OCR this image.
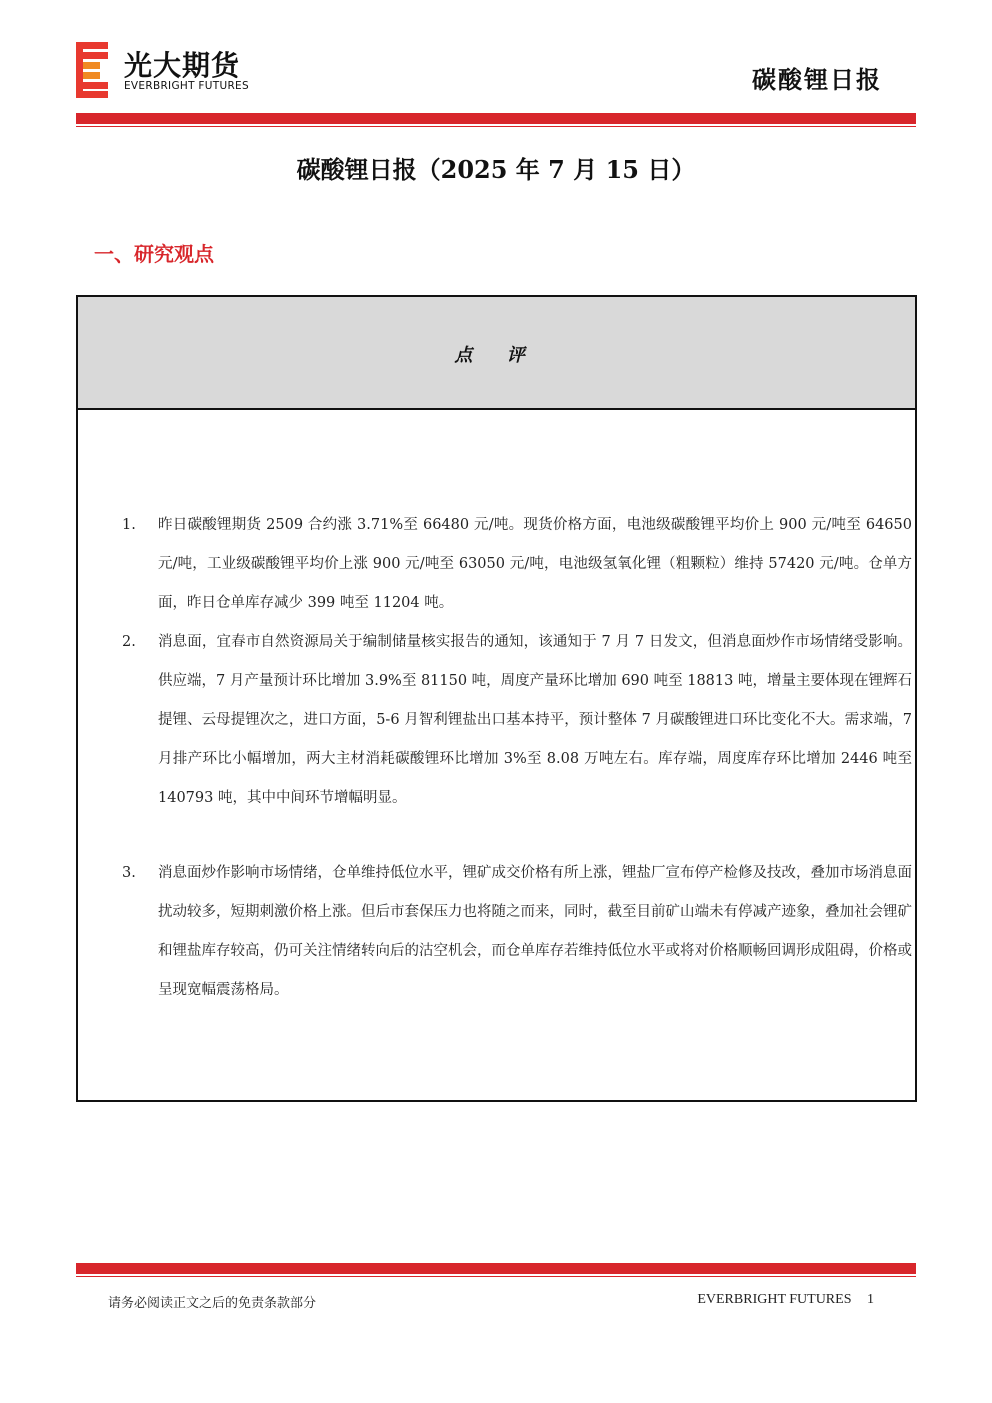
光大期货
EVERBRIGHT FUTURES	碳酸锂日报
碳酸锂日报（2025 年 7 月 15 日）
一、研究观点
点 评
1. 昨日碳酸锂期货 2509 合约涨 3.71%至 66480 元/吨。现货价格方面，电池级碳酸锂平均价上 900 元/吨至 64650 元/吨，工业级碳酸锂平均价上涨 900 元/吨至 63050 元/吨，电池级氢氧化锂（粗颗粒）维持 57420 元/吨。仓单方面，昨日仓单库存减少 399 吨至 11204 吨。
2. 消息面，宜春市自然资源局关于编制储量核实报告的通知，该通知于 7 月 7 日发文，但消息面炒作市场情绪受影响。供应端，7 月产量预计环比增加 3.9%至 81150 吨，周度产量环比增加 690 吨至 18813 吨，增量主要体现在锂辉石提锂、云母提锂次之，进口方面，5-6 月智利锂盐出口基本持平，预计整体 7 月碳酸锂进口环比变化不大。需求端，7 月排产环比小幅增加，两大主材消耗碳酸锂环比增加 3%至 8.08 万吨左右。库存端，周度库存环比增加 2446 吨至 140793 吨，其中中间环节增幅明显。
3. 消息面炒作影响市场情绪，仓单维持低位水平，锂矿成交价格有所上涨，锂盐厂宣布停产检修及技改，叠加市场消息面扰动较多，短期刺激价格上涨。但后市套保压力也将随之而来，同时，截至目前矿山端未有停减产迹象，叠加社会锂矿和锂盐库存较高，仍可关注情绪转向后的沽空机会，而仓单库存若维持低位水平或将对价格顺畅回调形成阻碍，价格或呈现宽幅震荡格局。
请务必阅读正文之后的免责条款部分	EVERBRIGHT FUTURES 1
